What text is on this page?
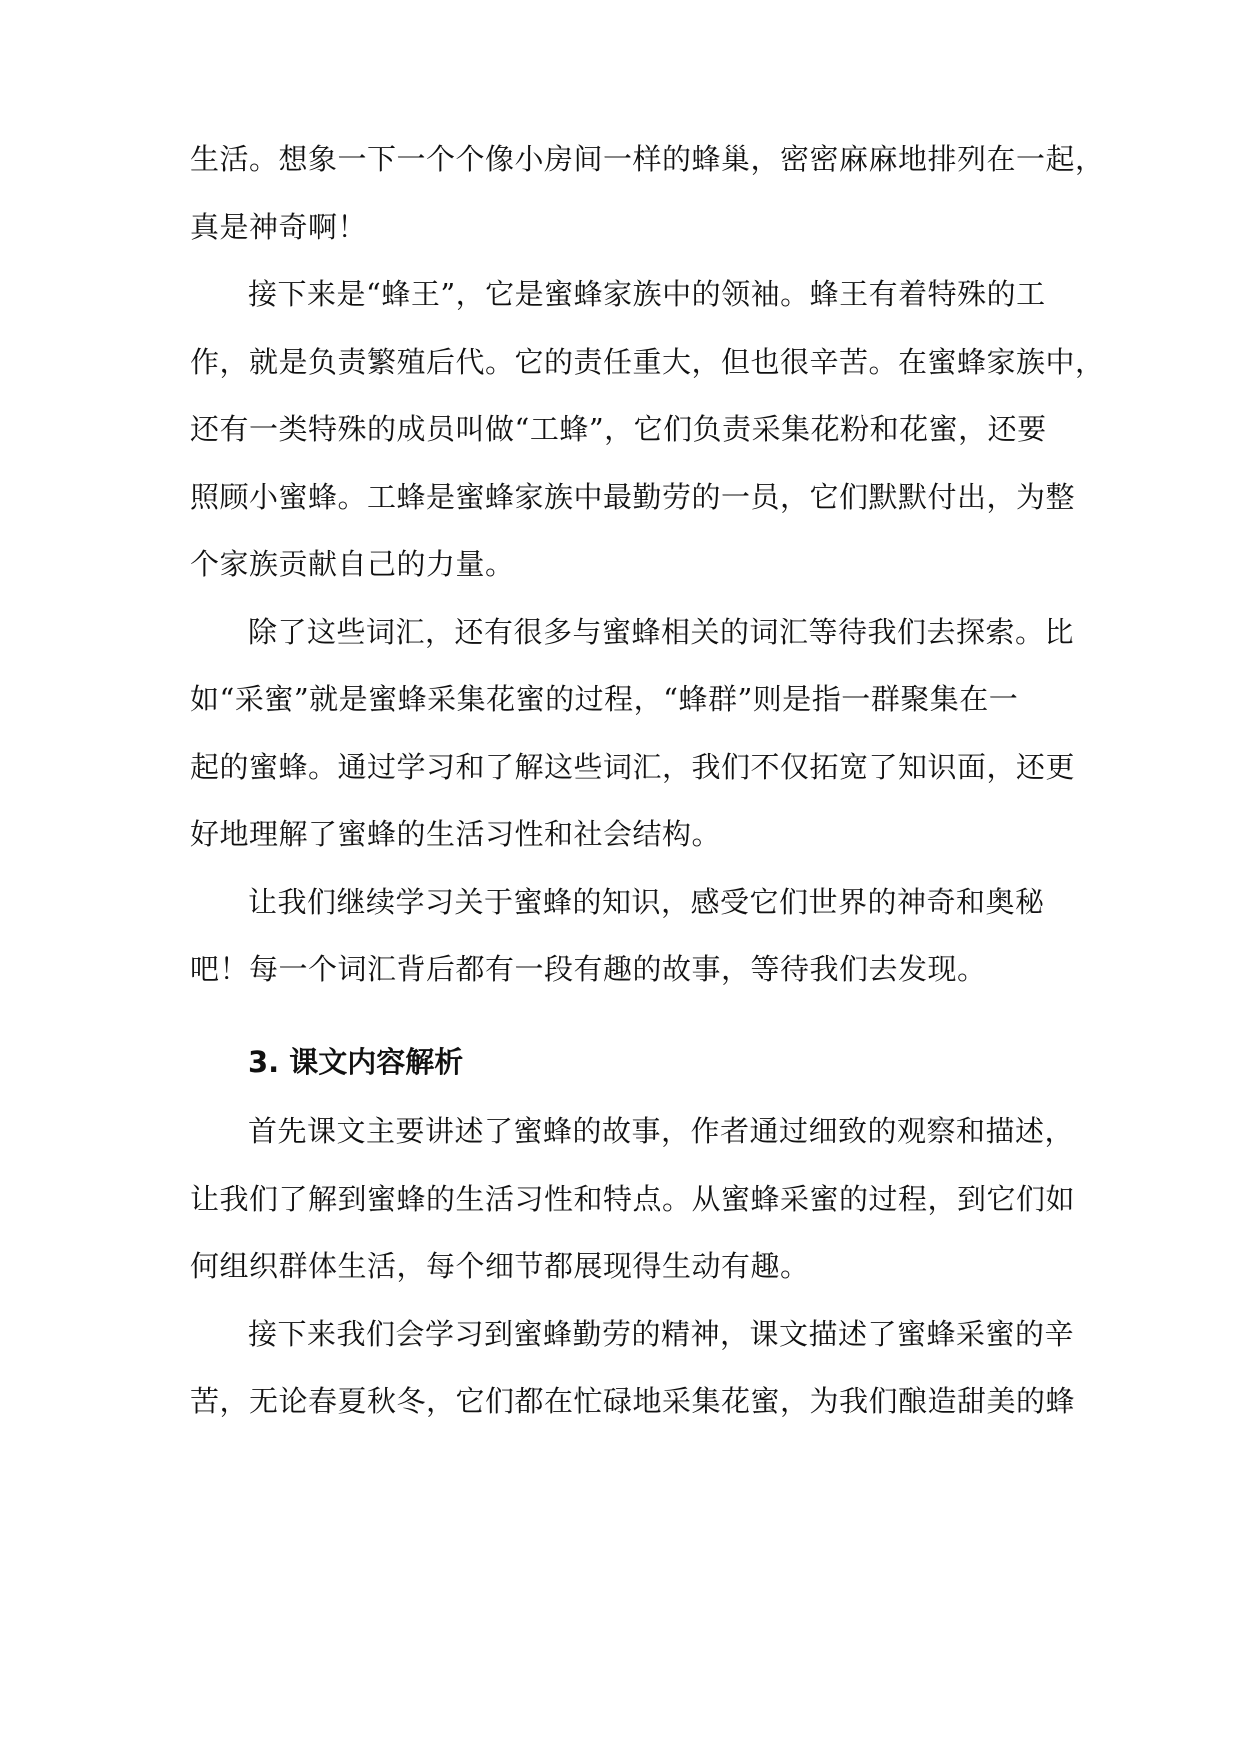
生活。想象一下一个个像小房间一样的蜂巢，密密麻麻地排列在一起，
真是神奇啊！
接下来是“蜂王”，它是蜜蜂家族中的领袖。蜂王有着特殊的工
作，就是负责繁殖后代。它的责任重大，但也很辛苦。在蜜蜂家族中，
还有一类特殊的成员叫做“工蜂”，它们负责采集花粉和花蜜，还要
照顾小蜜蜂。工蜂是蜜蜂家族中最勤劳的一员，它们默默付出，为整
个家族贡献自己的力量。
除了这些词汇，还有很多与蜜蜂相关的词汇等待我们去探索。比
如“采蜜”就是蜜蜂采集花蜜的过程，“蜂群”则是指一群聚集在一
起的蜜蜂。通过学习和了解这些词汇，我们不仅拓宽了知识面，还更
好地理解了蜜蜂的生活习性和社会结构。
让我们继续学习关于蜜蜂的知识，感受它们世界的神奇和奥秘
吧！每一个词汇背后都有一段有趣的故事，等待我们去发现。
3. 课文内容解析
首先课文主要讲述了蜜蜂的故事，作者通过细致的观察和描述，
让我们了解到蜜蜂的生活习性和特点。从蜜蜂采蜜的过程，到它们如
何组织群体生活，每个细节都展现得生动有趣。
接下来我们会学习到蜜蜂勤劳的精神，课文描述了蜜蜂采蜜的辛
苦，无论春夏秋冬，它们都在忙碌地采集花蜜，为我们酿造甜美的蜂
